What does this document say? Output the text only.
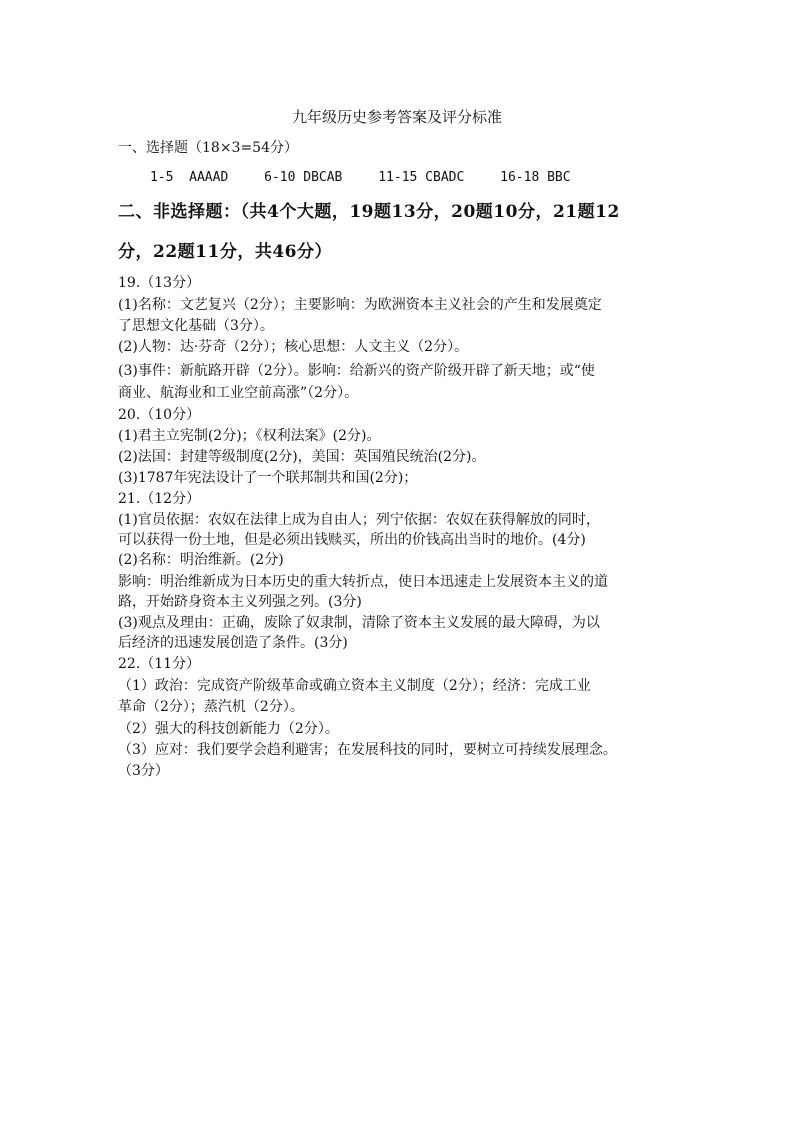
九年级历史参考答案及评分标准
一、选择题（18×3=54分）
1-5  AAAAD	6-10 DBCAB	11-15 CBADC	16-18 BBC
二、非选择题：（共4个大题，19题13分，20题10分，21题12
分，22题11分，共46分）
19.（13分）
(1)名称：文艺复兴（2分）；主要影响：为欧洲资本主义社会的产生和发展奠定
了思想文化基础（3分）。
(2)人物：达·芬奇（2分）；核心思想：人文主义（2分）。
(3)事件：新航路开辟（2分）。影响：给新兴的资产阶级开辟了新天地；或“使
商业、航海业和工业空前高涨”（2分）。
20.（10分）
(1)君主立宪制(2分)；《权利法案》(2分)。
(2)法国：封建等级制度(2分)，美国：英国殖民统治(2分)。
(3)1787年宪法设计了一个联邦制共和国(2分)；
21.（12分）
(1)官员依据：农奴在法律上成为自由人；列宁依据：农奴在获得解放的同时，
可以获得一份土地，但是必须出钱赎买，所出的价钱高出当时的地价。(4分)
(2)名称：明治维新。(2分)
影响：明治维新成为日本历史的重大转折点，使日本迅速走上发展资本主义的道
路，开始跻身资本主义列强之列。(3分)
(3)观点及理由：正确，废除了奴隶制，清除了资本主义发展的最大障碍，为以
后经济的迅速发展创造了条件。(3分)
22.（11分）
（1）政治：完成资产阶级革命或确立资本主义制度（2分）；经济：完成工业
革命（2分）；蒸汽机（2分）。
（2）强大的科技创新能力（2分）。
（3）应对：我们要学会趋利避害；在发展科技的同时，要树立可持续发展理念。
（3分）
